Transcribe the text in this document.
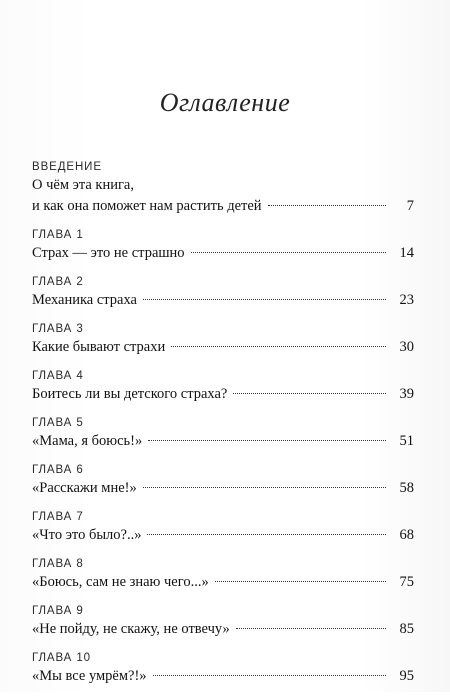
Оглавление
ВВЕДЕНИЕ
О чём эта книга,
и как она поможет нам растить детей	7
ГЛАВА 1
Страх — это не страшно	14
ГЛАВА 2
Механика страха	23
ГЛАВА 3
Какие бывают страхи	30
ГЛАВА 4
Боитесь ли вы детского страха?	39
ГЛАВА 5
«Мама, я боюсь!»	51
ГЛАВА 6
«Расскажи мне!»	58
ГЛАВА 7
«Что это было?..»	68
ГЛАВА 8
«Боюсь, сам не знаю чего...»	75
ГЛАВА 9
«Не пойду, не скажу, не отвечу»	85
ГЛАВА 10
«Мы все умрём?!»	95
